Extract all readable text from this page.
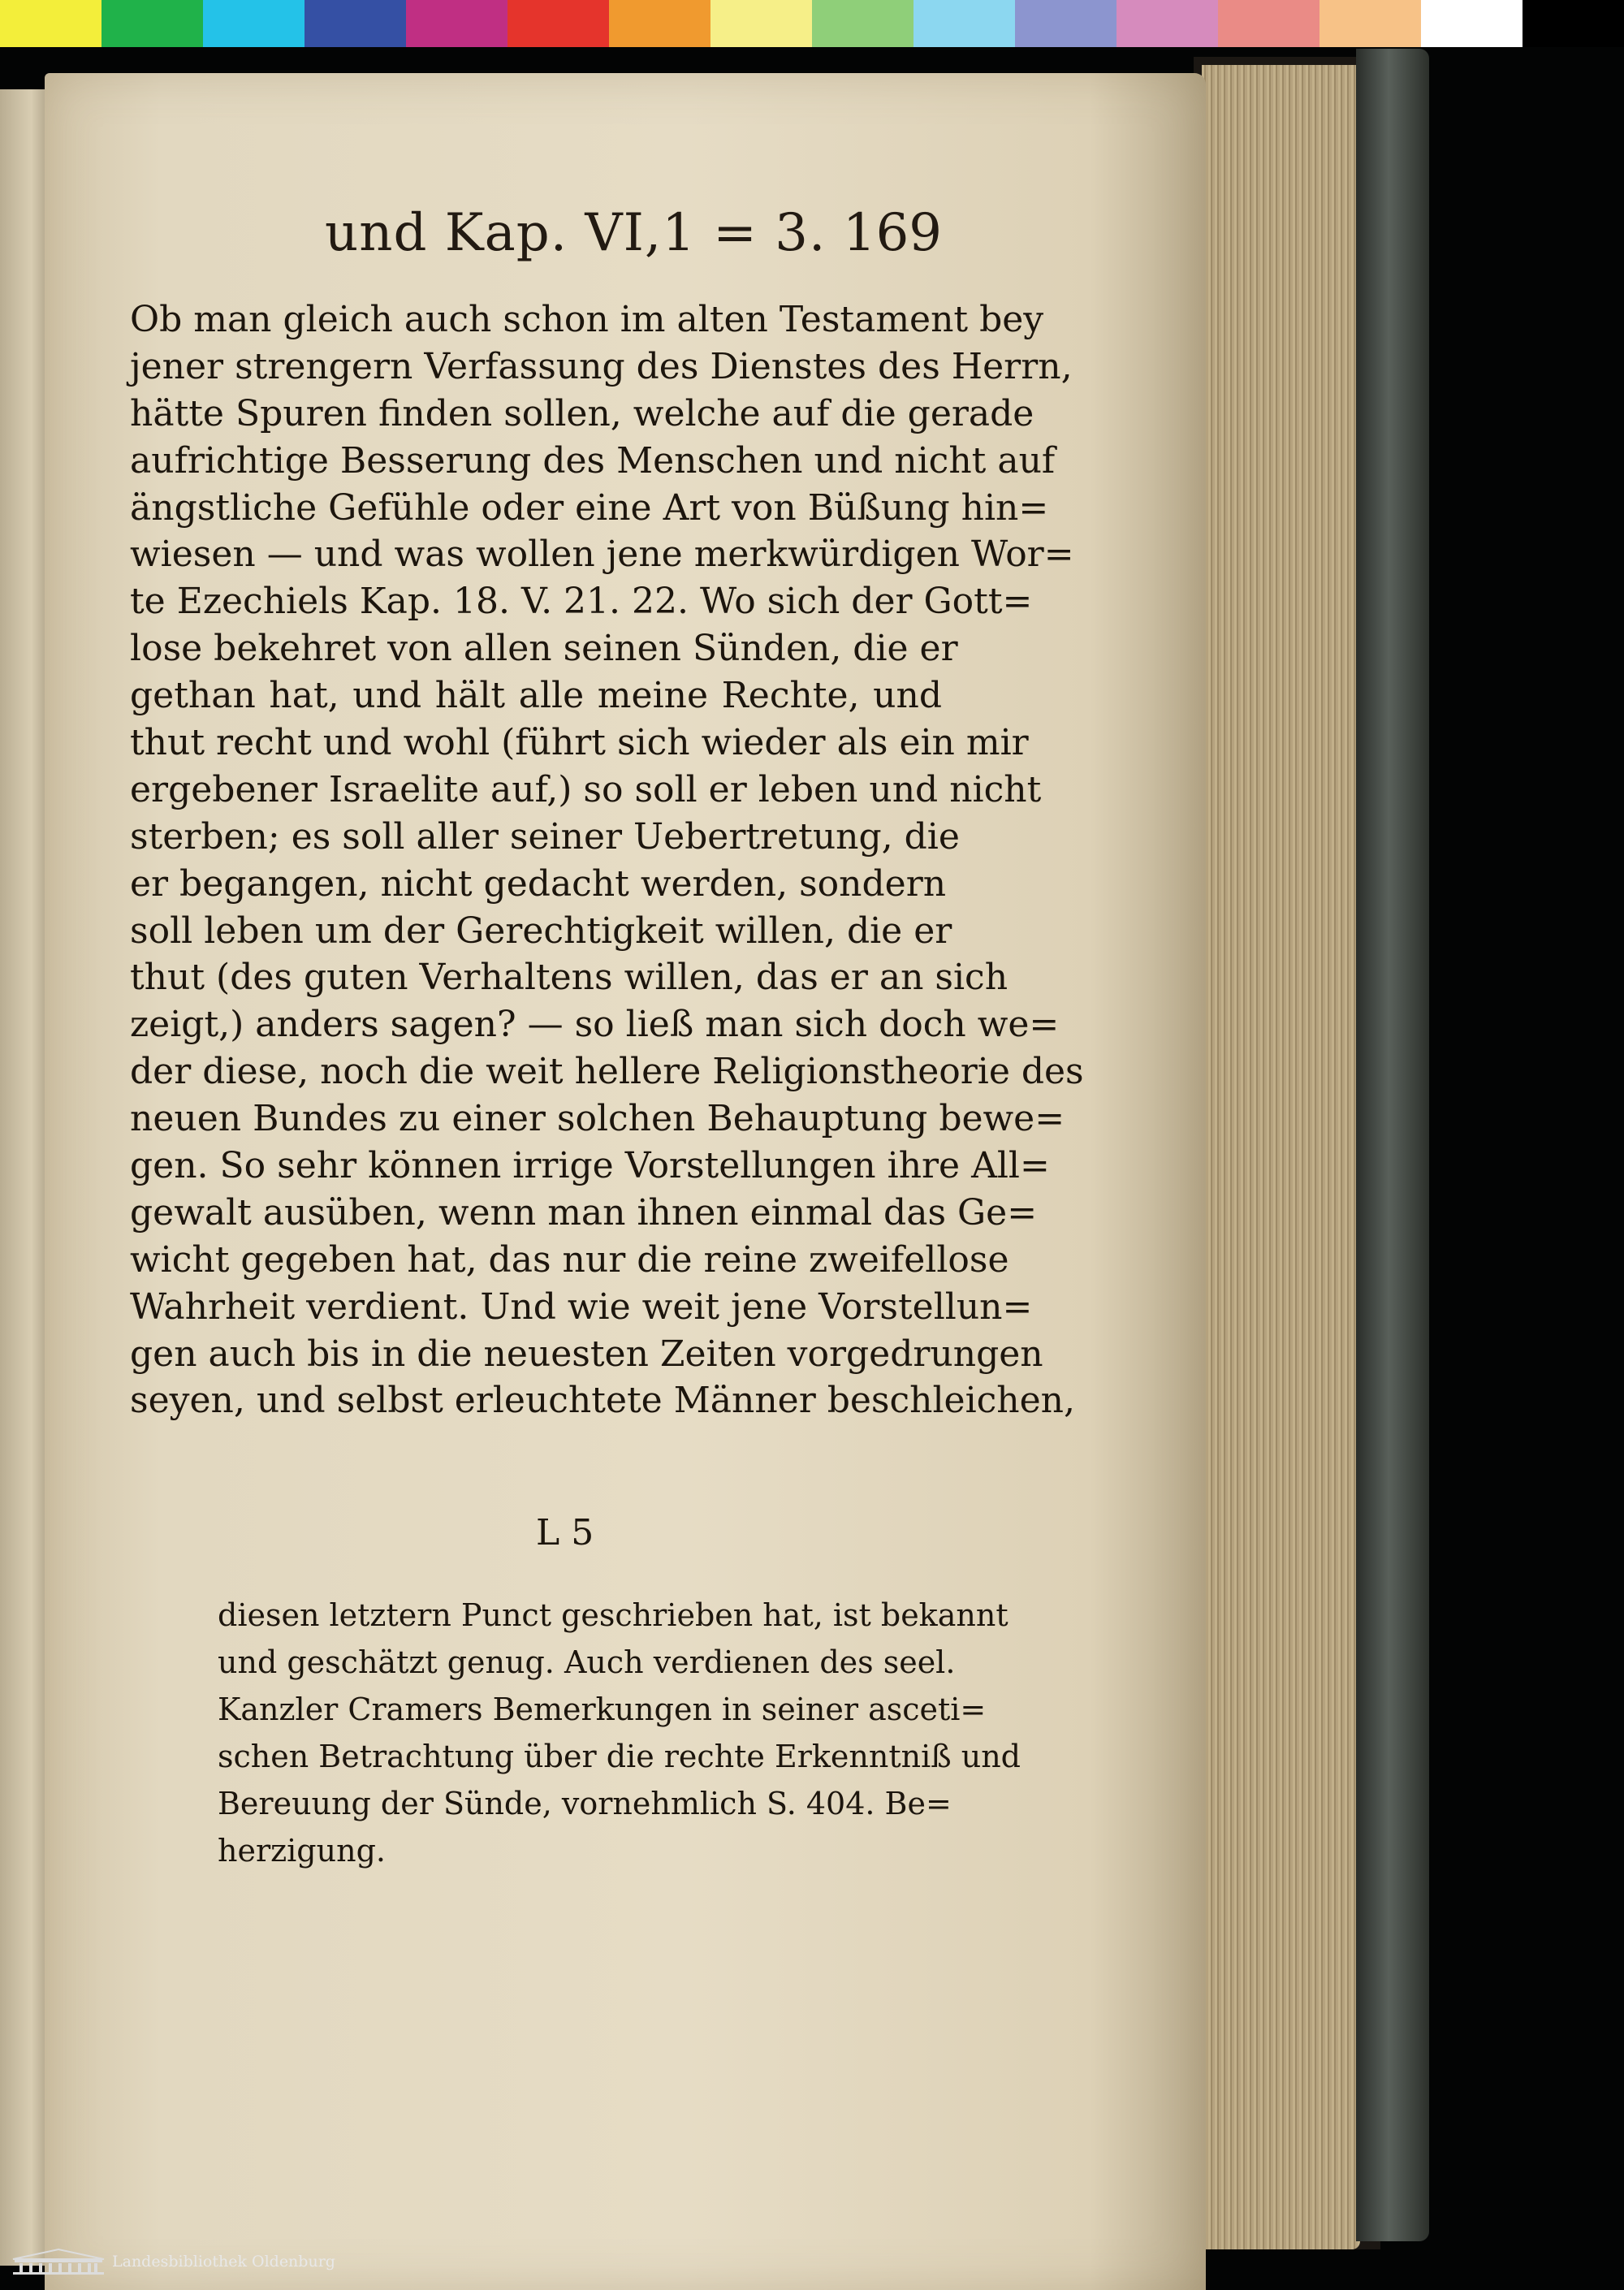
und Kap. VI,1 = 3. 169
Ob man gleich auch schon im alten Testament bey
jener strengern Verfassung des Dienstes des Herrn,
hätte Spuren finden sollen, welche auf die gerade
aufrichtige Besserung des Menschen und nicht auf
ängstliche Gefühle oder eine Art von Büßung hin=
wiesen — und was wollen jene merkwürdigen Wor=
te Ezechiels Kap. 18. V. 21. 22. Wo sich der Gott=
lose bekehret von allen seinen Sünden, die er
gethan hat, und hält alle meine Rechte, und
thut recht und wohl (führt sich wieder als ein mir
ergebener Israelite auf,) so soll er leben und nicht
sterben; es soll aller seiner Uebertretung, die
er begangen, nicht gedacht werden, sondern
soll leben um der Gerechtigkeit willen, die er
thut (des guten Verhaltens willen, das er an sich
zeigt,) anders sagen? — so ließ man sich doch we=
der diese, noch die weit hellere Religionstheorie des
neuen Bundes zu einer solchen Behauptung bewe=
gen. So sehr können irrige Vorstellungen ihre All=
gewalt ausüben, wenn man ihnen einmal das Ge=
wicht gegeben hat, das nur die reine zweifellose
Wahrheit verdient. Und wie weit jene Vorstellun=
gen auch bis in die neuesten Zeiten vorgedrungen
seyen, und selbst erleuchtete Männer beschleichen,
L 5
diesen letztern Punct geschrieben hat, ist bekannt
und geschätzt genug. Auch verdienen des seel.
Kanzler Cramers Bemerkungen in seiner asceti=
schen Betrachtung über die rechte Erkenntniß und
Bereuung der Sünde, vornehmlich S. 404. Be=
herzigung.
Landesbibliothek Oldenburg
